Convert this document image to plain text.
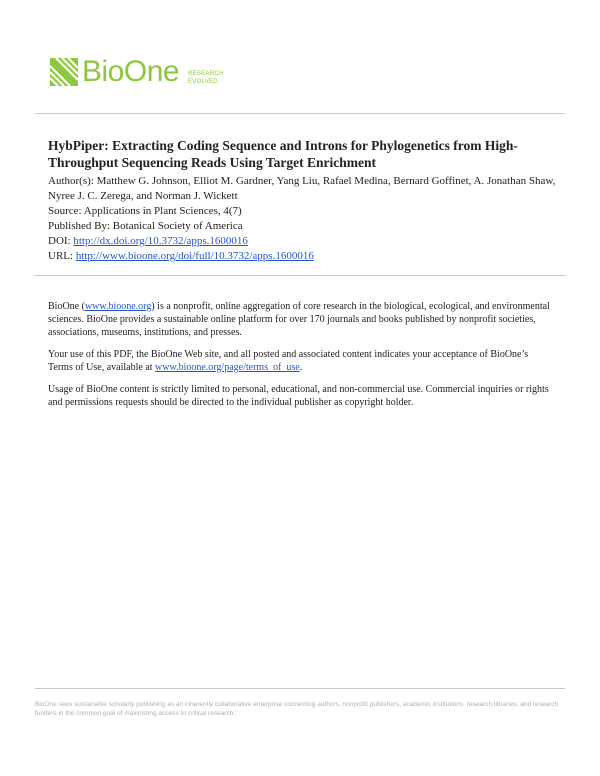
BioOne RESEARCH
EVOLVED
HybPiper: Extracting Coding Sequence and Introns for Phylogenetics from High-Throughput Sequencing Reads Using Target Enrichment

Author(s): Matthew G. Johnson, Elliot M. Gardner, Yang Liu, Rafael Medina, Bernard Goffinet, A. Jonathan Shaw, Nyree J. C. Zerega, and Norman J. Wickett

Source: Applications in Plant Sciences, 4(7)

Published By: Botanical Society of America

DOI: http://dx.doi.org/10.3732/apps.1600016

URL: http://www.bioone.org/doi/full/10.3732/apps.1600016

BioOne (www.bioone.org) is a nonprofit, online aggregation of core research in the biological, ecological, and environmental sciences. BioOne provides a sustainable online platform for over 170 journals and books published by nonprofit societies, associations, museums, institutions, and presses.

Your use of this PDF, the BioOne Web site, and all posted and associated content indicates your acceptance of BioOne’s Terms of Use, available at www.bioone.org/page/terms_of_use.

Usage of BioOne content is strictly limited to personal, educational, and non-commercial use. Commercial inquiries or rights and permissions requests should be directed to the individual publisher as copyright holder.

BioOne sees sustainable scholarly publishing as an inherently collaborative enterprise connecting authors, nonprofit publishers, academic institutions, research libraries, and research funders in the common goal of maximizing access to critical research.
